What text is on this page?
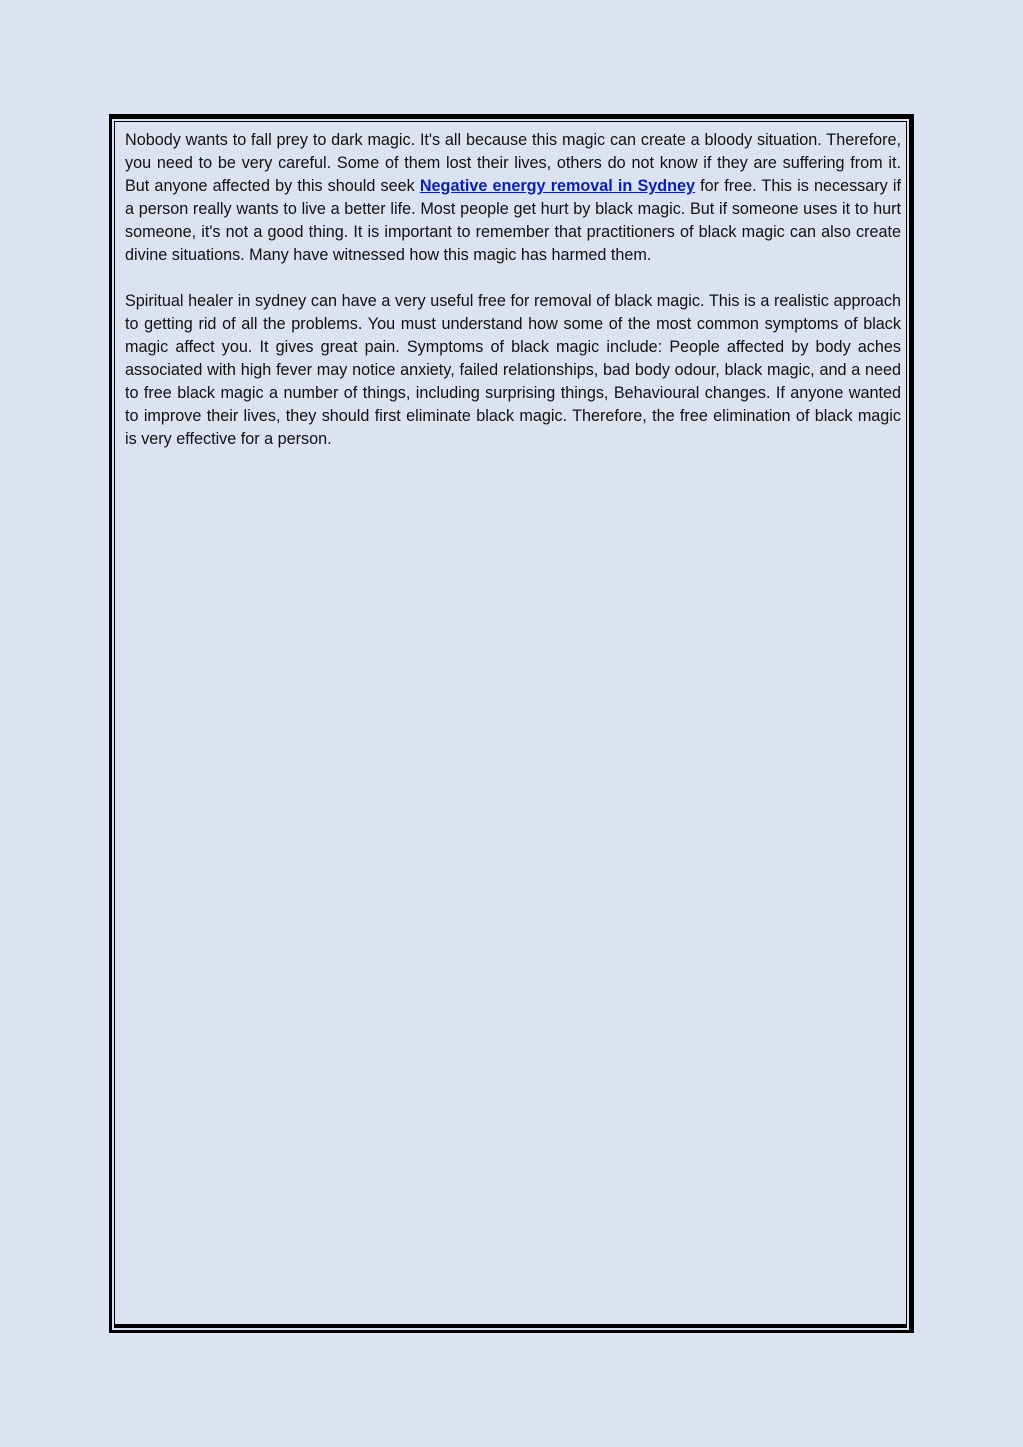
Nobody wants to fall prey to dark magic. It's all because this magic can create a bloody situation. Therefore, you need to be very careful. Some of them lost their lives, others do not know if they are suffering from it. But anyone affected by this should seek Negative energy removal in Sydney for free. This is necessary if a person really wants to live a better life. Most people get hurt by black magic. But if someone uses it to hurt someone, it's not a good thing. It is important to remember that practitioners of black magic can also create divine situations. Many have witnessed how this magic has harmed them.

Spiritual healer in sydney can have a very useful free for removal of black magic. This is a realistic approach to getting rid of all the problems. You must understand how some of the most common symptoms of black magic affect you. It gives great pain. Symptoms of black magic include: People affected by body aches associated with high fever may notice anxiety, failed relationships, bad body odour, black magic, and a need to free black magic a number of things, including surprising things, Behavioural changes. If anyone wanted to improve their lives, they should first eliminate black magic. Therefore, the free elimination of black magic is very effective for a person.
